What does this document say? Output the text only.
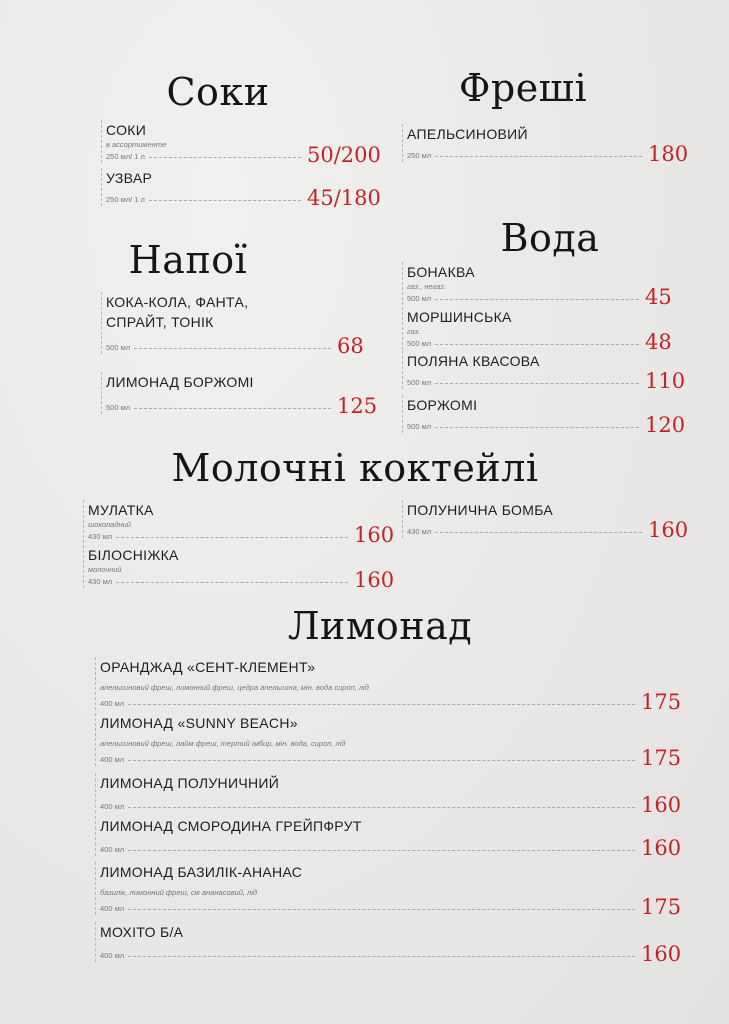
Соки	Фреші
Напої	Вода
Молочні коктейлі
Лимонад
СОКИ
в ассортименте
250 мл/ 1 л	50/200
УЗВАР
250 мл/ 1 л	45/180
АПЕЛЬСИНОВИЙ
250 мл	180
КОКА-КОЛА, ФАНТА, СПРАЙТ, ТОНІК
500 мл	68
ЛИМОНАД БОРЖОМІ
500 мл	125
БОНАКВА
газ., негаз.
500 мл	45
МОРШИНСЬКА
газ.
500 мл	48
ПОЛЯНА КВАСОВА
500 мл	110
БОРЖОМІ
500 мл	120
МУЛАТКА
шоколадний
430 мл	160
БІЛОСНІЖКА
молочний
430 мл	160
ПОЛУНИЧНА БОМБА
430 мл	160
ОРАНДЖАД «СЕНТ-КЛЕМЕНТ»
апельсиновий фреш, лимонний фреш, цедра апельсина, мін. вода сироп, лід
400 мл	175
ЛИМОНАД «SUNNY BEACH»
апельсиновий фреш, лайм фреш, тертий імбир, мін. вода, сироп, лід
400 мл	175
ЛИМОНАД ПОЛУНИЧНИЙ
400 мл	160
ЛИМОНАД СМОРОДИНА ГРЕЙПФРУТ
400 мл	160
ЛИМОНАД БАЗИЛІК-АНАНАС
базилік, лимонний фреш, сік ананасовий, лід
400 мл	175
МОХІТО Б/А
400 мл	160
